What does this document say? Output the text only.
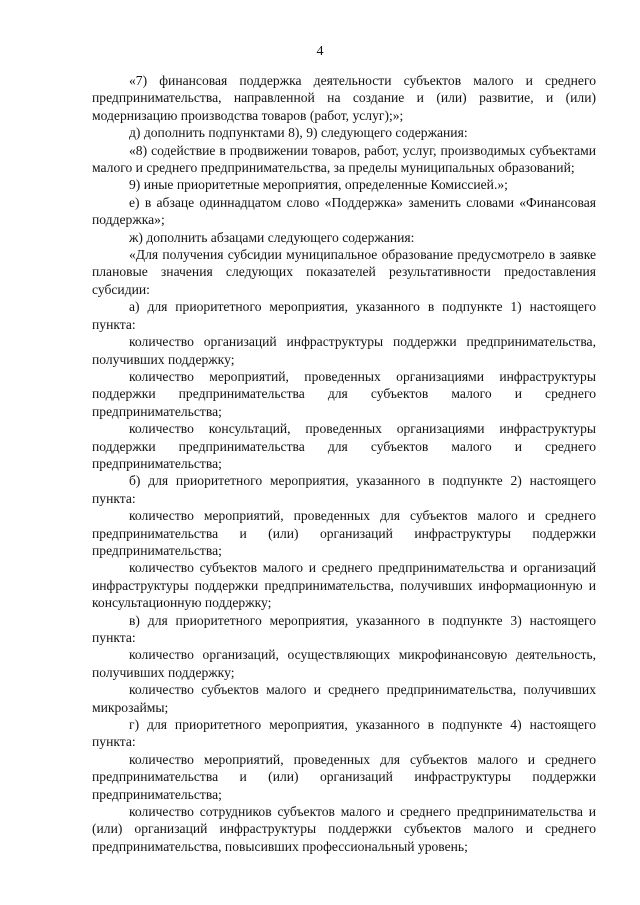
4

«7) финансовая поддержка деятельности субъектов малого и среднего предпринимательства, направленной на создание и (или) развитие, и (или) модернизацию производства товаров (работ, услуг);»;

д) дополнить подпунктами 8), 9) следующего содержания:

«8) содействие в продвижении товаров, работ, услуг, производимых субъектами малого и среднего предпринимательства, за пределы муниципальных образований;

9) иные приоритетные мероприятия, определенные Комиссией.»;

е) в абзаце одиннадцатом слово «Поддержка» заменить словами «Финансовая поддержка»;

ж) дополнить абзацами следующего содержания:

«Для получения субсидии муниципальное образование предусмотрело в заявке плановые значения следующих показателей результативности предоставления субсидии:

а) для приоритетного мероприятия, указанного в подпункте 1) настоящего пункта:

количество организаций инфраструктуры поддержки предпринимательства, получивших поддержку;

количество мероприятий, проведенных организациями инфраструктуры поддержки предпринимательства для субъектов малого и среднего предпринимательства;

количество консультаций, проведенных организациями инфраструктуры поддержки предпринимательства для субъектов малого и среднего предпринимательства;

б) для приоритетного мероприятия, указанного в подпункте 2) настоящего пункта:

количество мероприятий, проведенных для субъектов малого и среднего предпринимательства и (или) организаций инфраструктуры поддержки предпринимательства;

количество субъектов малого и среднего предпринимательства и организаций инфраструктуры поддержки предпринимательства, получивших информационную и консультационную поддержку;

в) для приоритетного мероприятия, указанного в подпункте 3) настоящего пункта:

количество организаций, осуществляющих микрофинансовую деятельность, получивших поддержку;

количество субъектов малого и среднего предпринимательства, получивших микрозаймы;

г) для приоритетного мероприятия, указанного в подпункте 4) настоящего пункта:

количество мероприятий, проведенных для субъектов малого и среднего предпринимательства и (или) организаций инфраструктуры поддержки предпринимательства;

количество сотрудников субъектов малого и среднего предпринимательства и (или) организаций инфраструктуры поддержки субъектов малого и среднего предпринимательства, повысивших профессиональный уровень;
